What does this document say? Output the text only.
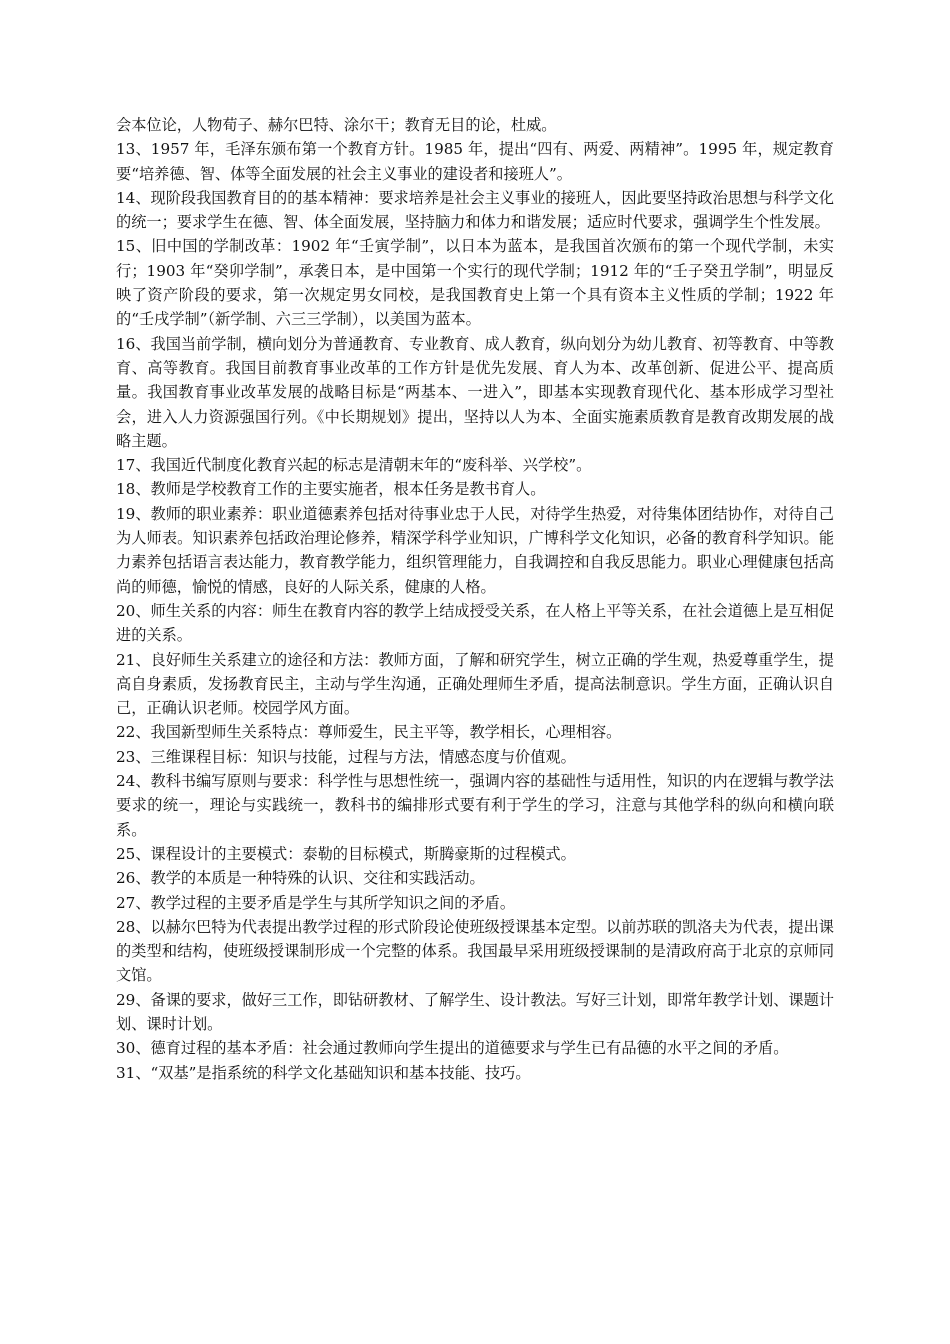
会本位论，人物荀子、赫尔巴特、涂尔干；教育无目的论，杜威。

13、1957 年，毛泽东颁布第一个教育方针。1985 年，提出“四有、两爱、两精神”。1995 年，规定教育要“培养德、智、体等全面发展的社会主义事业的建设者和接班人”。

14、现阶段我国教育目的的基本精神：要求培养是社会主义事业的接班人，因此要坚持政治思想与科学文化的统一；要求学生在德、智、体全面发展，坚持脑力和体力和谐发展；适应时代要求，强调学生个性发展。

15、旧中国的学制改革：1902 年“壬寅学制”，以日本为蓝本，是我国首次颁布的第一个现代学制，未实行；1903 年“癸卯学制”，承袭日本，是中国第一个实行的现代学制；1912 年的“壬子癸丑学制”，明显反映了资产阶段的要求，第一次规定男女同校，是我国教育史上第一个具有资本主义性质的学制；1922 年的“壬戌学制”（新学制、六三三学制），以美国为蓝本。

16、我国当前学制，横向划分为普通教育、专业教育、成人教育，纵向划分为幼儿教育、初等教育、中等教育、高等教育。我国目前教育事业改革的工作方针是优先发展、育人为本、改革创新、促进公平、提高质量。我国教育事业改革发展的战略目标是“两基本、一进入”，即基本实现教育现代化、基本形成学习型社会，进入人力资源强国行列。《中长期规划》提出，坚持以人为本、全面实施素质教育是教育改期发展的战略主题。

17、我国近代制度化教育兴起的标志是清朝末年的“废科举、兴学校”。

18、教师是学校教育工作的主要实施者，根本任务是教书育人。

19、教师的职业素养：职业道德素养包括对待事业忠于人民，对待学生热爱，对待集体团结协作，对待自己为人师表。知识素养包括政治理论修养，精深学科学业知识，广博科学文化知识，必备的教育科学知识。能力素养包括语言表达能力，教育教学能力，组织管理能力，自我调控和自我反思能力。职业心理健康包括高尚的师德，愉悦的情感，良好的人际关系，健康的人格。

20、师生关系的内容：师生在教育内容的教学上结成授受关系，在人格上平等关系，在社会道德上是互相促进的关系。

21、良好师生关系建立的途径和方法：教师方面，了解和研究学生，树立正确的学生观，热爱尊重学生，提高自身素质，发扬教育民主，主动与学生沟通，正确处理师生矛盾，提高法制意识。学生方面，正确认识自己，正确认识老师。校园学风方面。

22、我国新型师生关系特点：尊师爱生，民主平等，教学相长，心理相容。

23、三维课程目标：知识与技能，过程与方法，情感态度与价值观。

24、教科书编写原则与要求：科学性与思想性统一，强调内容的基础性与适用性，知识的内在逻辑与教学法要求的统一，理论与实践统一，教科书的编排形式要有利于学生的学习，注意与其他学科的纵向和横向联系。

25、课程设计的主要模式：泰勒的目标模式，斯腾豪斯的过程模式。

26、教学的本质是一种特殊的认识、交往和实践活动。

27、教学过程的主要矛盾是学生与其所学知识之间的矛盾。

28、以赫尔巴特为代表提出教学过程的形式阶段论使班级授课基本定型。以前苏联的凯洛夫为代表，提出课的类型和结构，使班级授课制形成一个完整的体系。我国最早采用班级授课制的是清政府高于北京的京师同文馆。

29、备课的要求，做好三工作，即钻研教材、了解学生、设计教法。写好三计划，即常年教学计划、课题计划、课时计划。

30、德育过程的基本矛盾：社会通过教师向学生提出的道德要求与学生已有品德的水平之间的矛盾。

31、“双基”是指系统的科学文化基础知识和基本技能、技巧。
